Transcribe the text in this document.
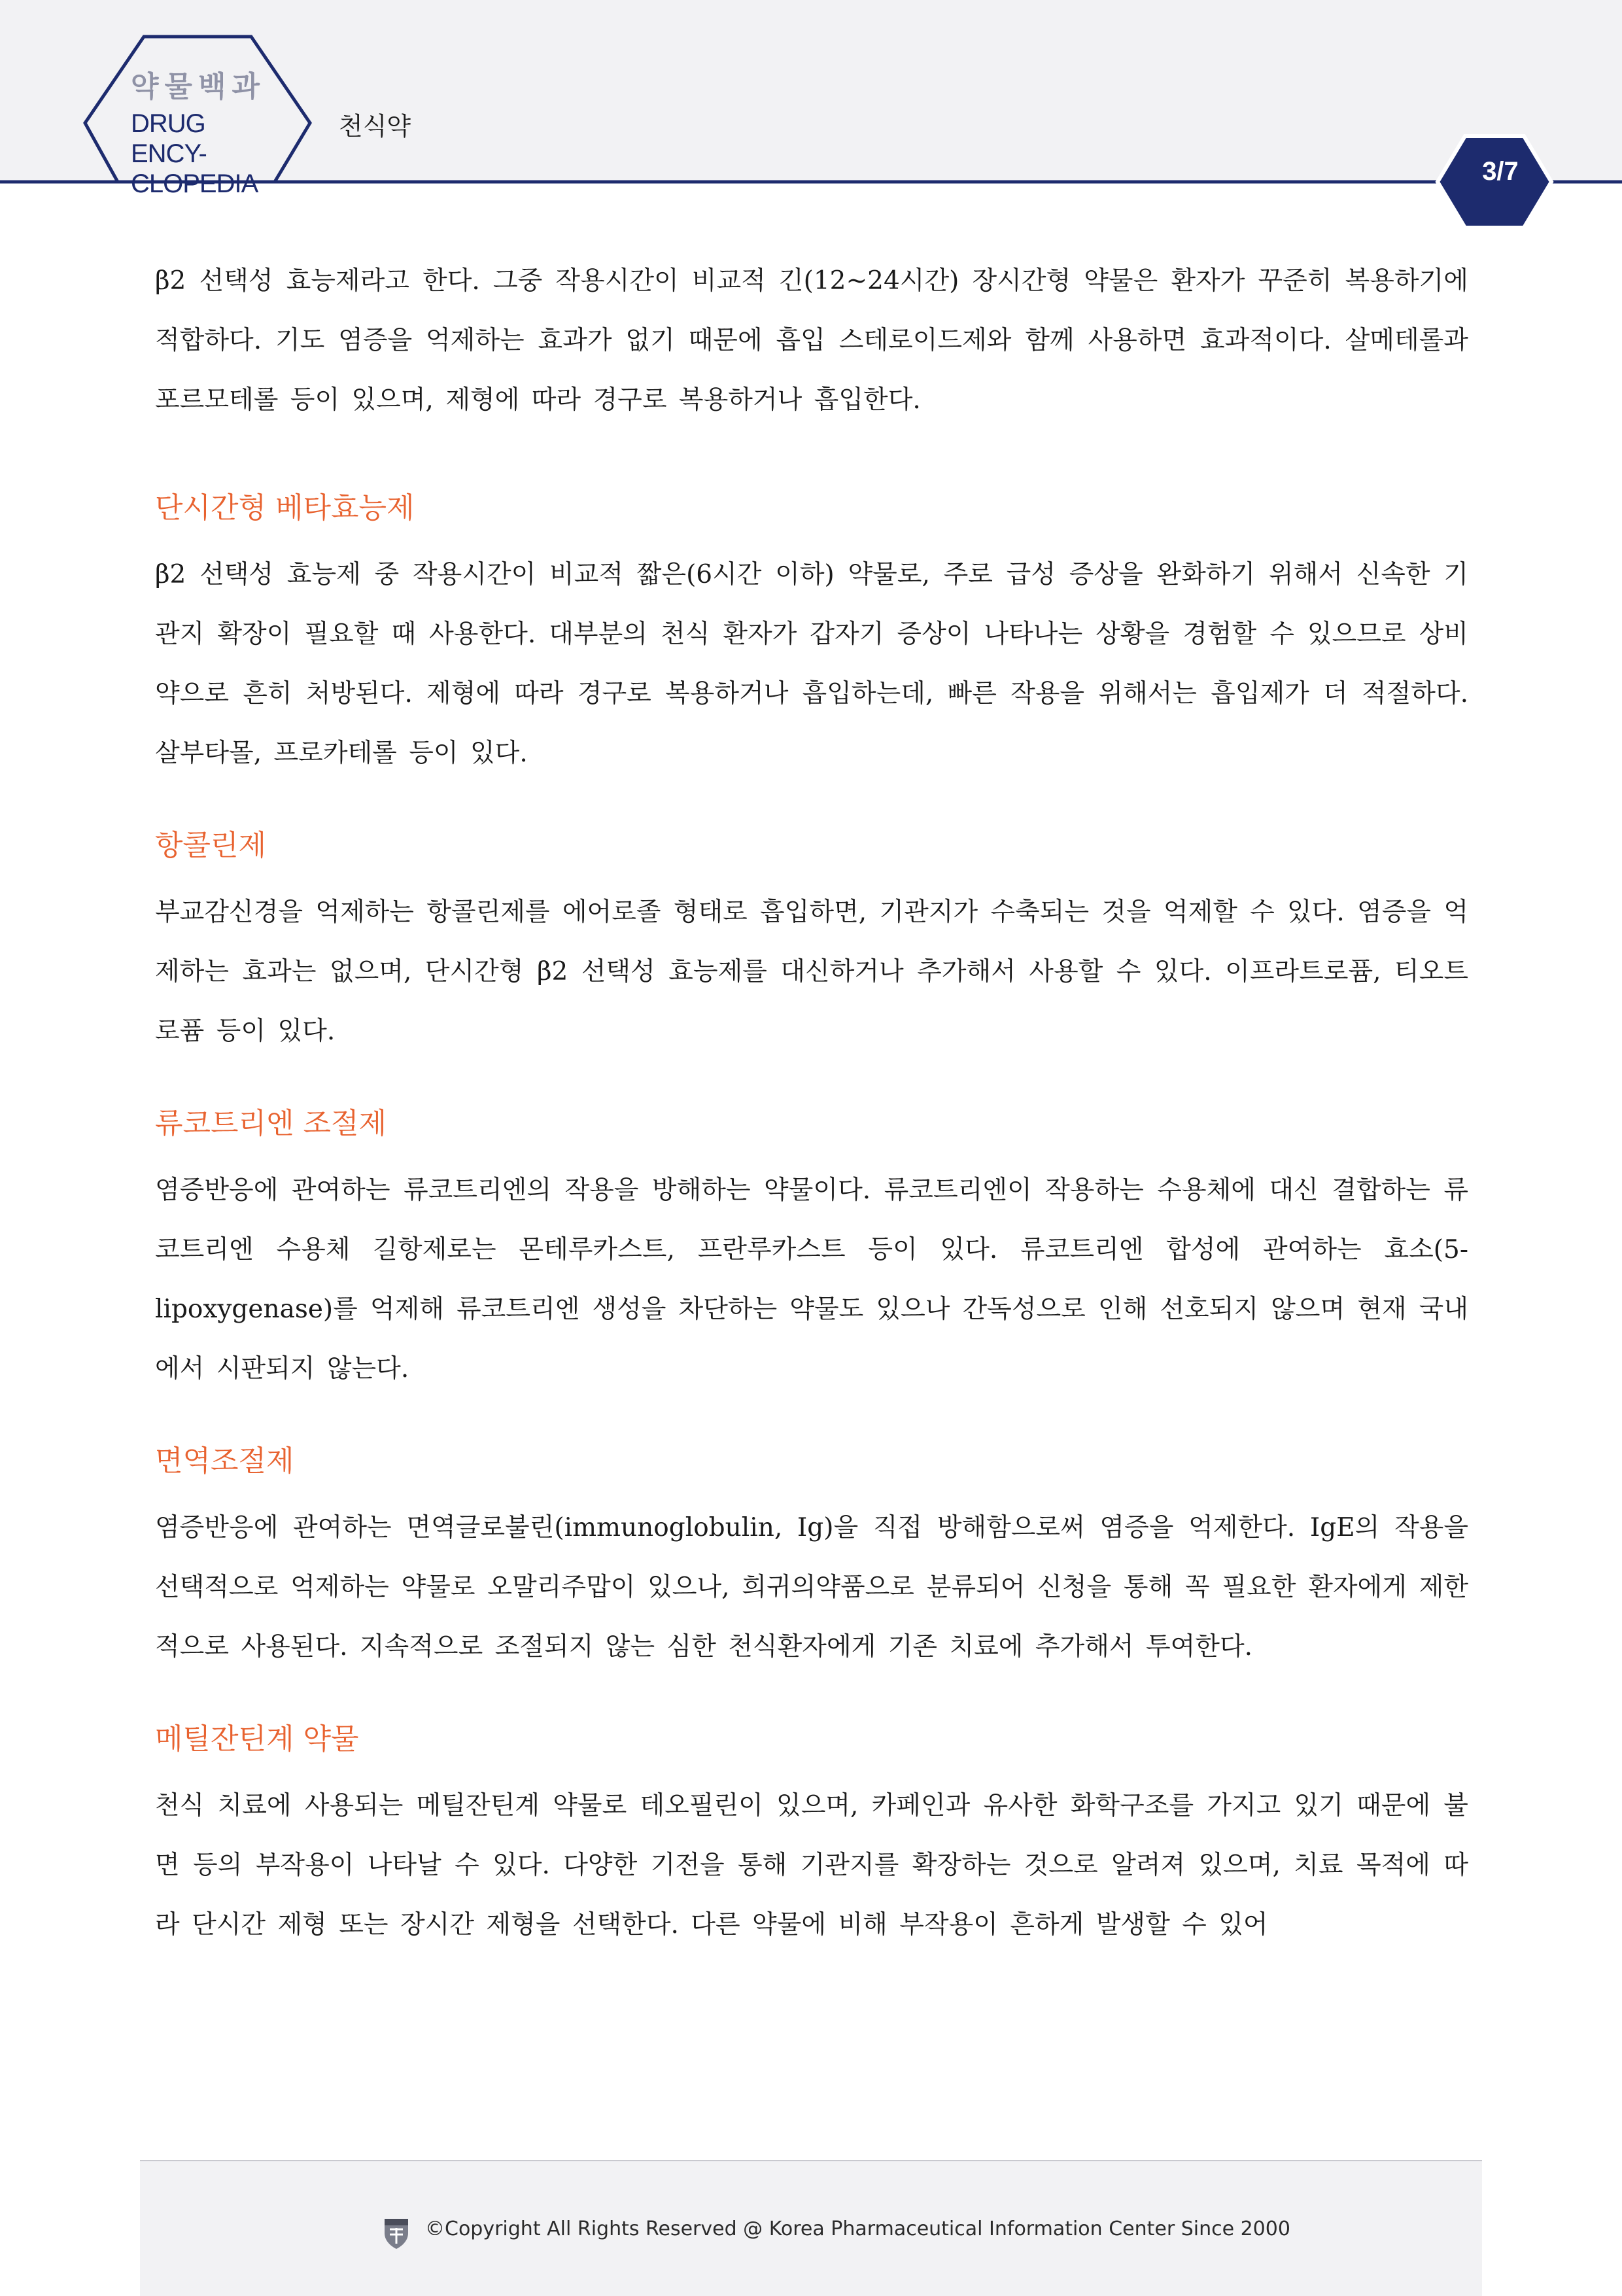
약물백과
DRUG ENCY-
CLOPEDIA
천식약
3/7

β2 선택성 효능제라고 한다. 그중 작용시간이 비교적 긴(12~24시간) 장시간형 약물은 환자가 꾸준히 복용하기에 적합하다. 기도 염증을 억제하는 효과가 없기 때문에 흡입 스테로이드제와 함께 사용하면 효과적이다. 살메테롤과 포르모테롤 등이 있으며, 제형에 따라 경구로 복용하거나 흡입한다.

단시간형 베타효능제

β2 선택성 효능제 중 작용시간이 비교적 짧은(6시간 이하) 약물로, 주로 급성 증상을 완화하기 위해서 신속한 기관지 확장이 필요할 때 사용한다. 대부분의 천식 환자가 갑자기 증상이 나타나는 상황을 경험할 수 있으므로 상비약으로 흔히 처방된다. 제형에 따라 경구로 복용하거나 흡입하는데, 빠른 작용을 위해서는 흡입제가 더 적절하다. 살부타몰, 프로카테롤 등이 있다.

항콜린제

부교감신경을 억제하는 항콜린제를 에어로졸 형태로 흡입하면, 기관지가 수축되는 것을 억제할 수 있다. 염증을 억제하는 효과는 없으며, 단시간형 β2 선택성 효능제를 대신하거나 추가해서 사용할 수 있다. 이프라트로퓸, 티오트로퓸 등이 있다.

류코트리엔 조절제

염증반응에 관여하는 류코트리엔의 작용을 방해하는 약물이다. 류코트리엔이 작용하는 수용체에 대신 결합하는 류코트리엔 수용체 길항제로는 몬테루카스트, 프란루카스트 등이 있다. 류코트리엔 합성에 관여하는 효소(5-lipoxygenase)를 억제해 류코트리엔 생성을 차단하는 약물도 있으나 간독성으로 인해 선호되지 않으며 현재 국내에서 시판되지 않는다.

면역조절제

염증반응에 관여하는 면역글로불린(immunoglobulin, Ig)을 직접 방해함으로써 염증을 억제한다. IgE의 작용을 선택적으로 억제하는 약물로 오말리주맙이 있으나, 희귀의약품으로 분류되어 신청을 통해 꼭 필요한 환자에게 제한적으로 사용된다. 지속적으로 조절되지 않는 심한 천식환자에게 기존 치료에 추가해서 투여한다.

메틸잔틴계 약물

천식 치료에 사용되는 메틸잔틴계 약물로 테오필린이 있으며, 카페인과 유사한 화학구조를 가지고 있기 때문에 불면 등의 부작용이 나타날 수 있다. 다양한 기전을 통해 기관지를 확장하는 것으로 알려져 있으며, 치료 목적에 따라 단시간 제형 또는 장시간 제형을 선택한다. 다른 약물에 비해 부작용이 흔하게 발생할 수 있어

©Copyright All Rights Reserved @ Korea Pharmaceutical Information Center Since 2000
